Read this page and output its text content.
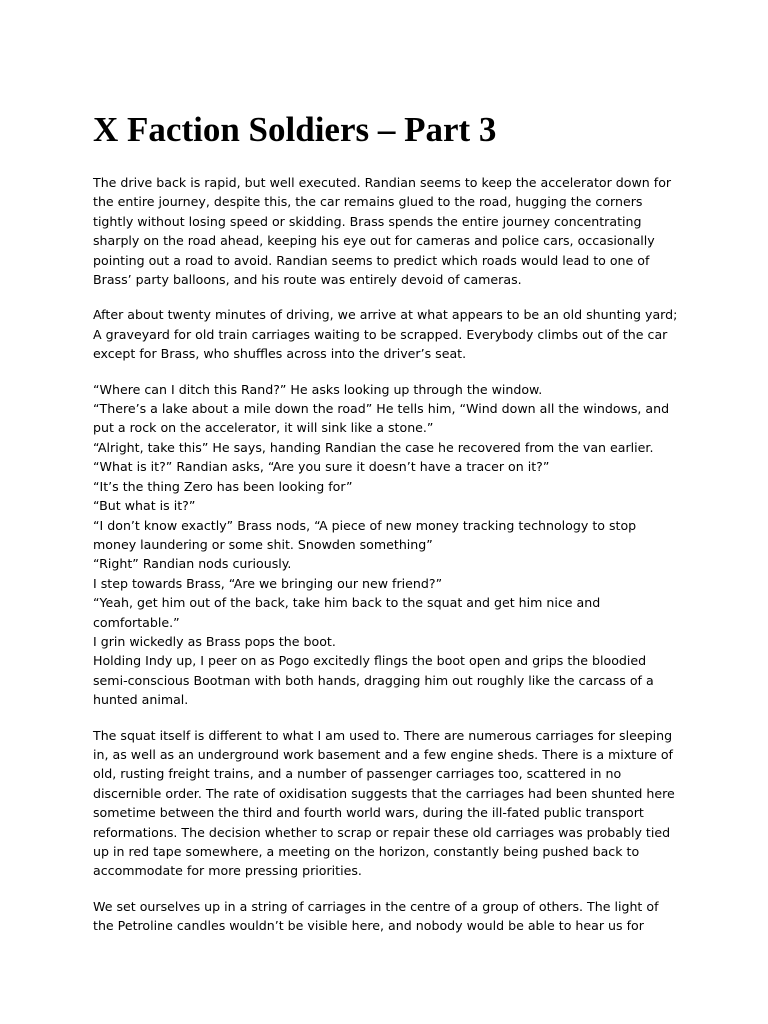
X Faction Soldiers – Part 3

The drive back is rapid, but well executed. Randian seems to keep the accelerator down for
the entire journey, despite this, the car remains glued to the road, hugging the corners
tightly without losing speed or skidding. Brass spends the entire journey concentrating
sharply on the road ahead, keeping his eye out for cameras and police cars, occasionally
pointing out a road to avoid. Randian seems to predict which roads would lead to one of
Brass’ party balloons, and his route was entirely devoid of cameras.

After about twenty minutes of driving, we arrive at what appears to be an old shunting yard;
A graveyard for old train carriages waiting to be scrapped. Everybody climbs out of the car
except for Brass, who shuffles across into the driver’s seat.

“Where can I ditch this Rand?” He asks looking up through the window.
“There’s a lake about a mile down the road” He tells him, “Wind down all the windows, and
put a rock on the accelerator, it will sink like a stone.”
“Alright, take this” He says, handing Randian the case he recovered from the van earlier.
“What is it?” Randian asks, “Are you sure it doesn’t have a tracer on it?”
“It’s the thing Zero has been looking for”
“But what is it?”
“I don’t know exactly” Brass nods, “A piece of new money tracking technology to stop
money laundering or some shit. Snowden something”
“Right” Randian nods curiously.
I step towards Brass, “Are we bringing our new friend?”
“Yeah, get him out of the back, take him back to the squat and get him nice and
comfortable.”
I grin wickedly as Brass pops the boot.
Holding Indy up, I peer on as Pogo excitedly flings the boot open and grips the bloodied
semi-conscious Bootman with both hands, dragging him out roughly like the carcass of a
hunted animal.

The squat itself is different to what I am used to. There are numerous carriages for sleeping
in, as well as an underground work basement and a few engine sheds. There is a mixture of
old, rusting freight trains, and a number of passenger carriages too, scattered in no
discernible order. The rate of oxidisation suggests that the carriages had been shunted here
sometime between the third and fourth world wars, during the ill-fated public transport
reformations. The decision whether to scrap or repair these old carriages was probably tied
up in red tape somewhere, a meeting on the horizon, constantly being pushed back to
accommodate for more pressing priorities.

We set ourselves up in a string of carriages in the centre of a group of others. The light of
the Petroline candles wouldn’t be visible here, and nobody would be able to hear us for
